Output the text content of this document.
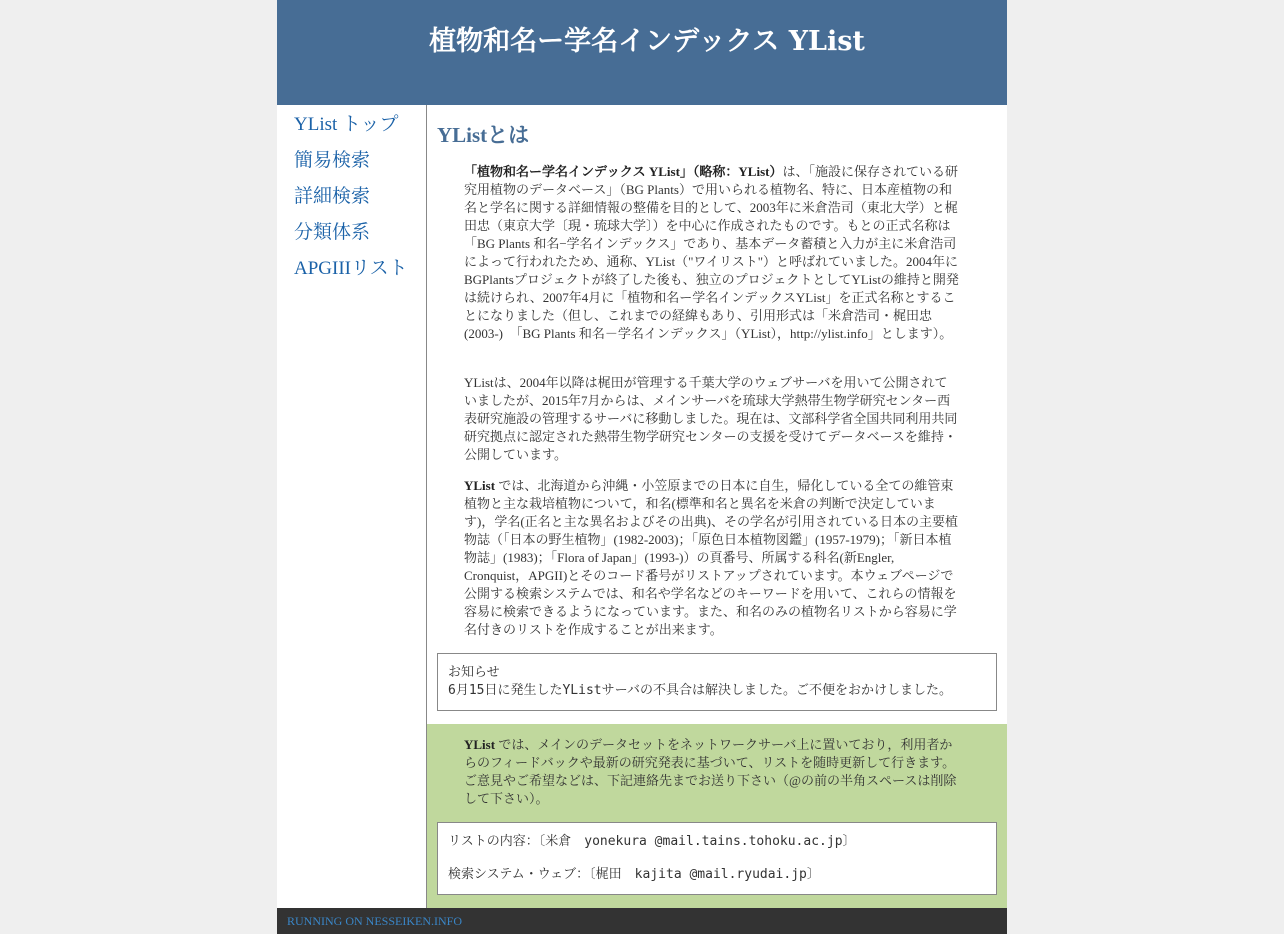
植物和名ー学名インデックス YList
YList トップ
簡易検索
詳細検索
分類体系
APGIIIリスト
YListとは

「植物和名ー学名インデックス YList」（略称：YList）は、「施設に保存されている研究用植物のデータベース」（BG Plants）で用いられる植物名、特に、日本産植物の和名と学名に関する詳細情報の整備を目的として、2003年に米倉浩司（東北大学）と梶田忠（東京大学〔現・琉球大学〕）を中心に作成されたものです。もとの正式名称は「BG Plants 和名−学名インデックス」であり、基本データ蓄積と入力が主に米倉浩司によって行われたため、通称、YList（"ワイリスト"）と呼ばれていました。2004年にBGPlantsプロジェクトが終了した後も、独立のプロジェクトとしてYListの維持と開発は続けられ、2007年4月に「植物和名ー学名インデックスYList」を正式名称とすることになりました（但し、これまでの経緯もあり、引用形式は「米倉浩司・梶田忠 (2003-)　「BG Plants 和名－学名インデックス」（YList），http://ylist.info」とします）。

YListは、2004年以降は梶田が管理する千葉大学のウェブサーバを用いて公開されていましたが、2015年7月からは、メインサーバを琉球大学熱帯生物学研究センター西表研究施設の管理するサーバに移動しました。現在は、文部科学省全国共同利用共同研究拠点に認定された熱帯生物学研究センターの支援を受けてデータベースを維持・公開しています。

YList では、北海道から沖縄・小笠原までの日本に自生，帰化している全ての維管束植物と主な栽培植物について，和名(標準和名と異名を米倉の判断で決定しています)，学名(正名と主な異名およびその出典)、その学名が引用されている日本の主要植物誌（「日本の野生植物」(1982-2003)；「原色日本植物図鑑」(1957-1979)；「新日本植物誌」(1983)；「Flora of Japan」(1993-)）の頁番号、所属する科名(新Engler, Cronquist，APGII)とそのコード番号がリストアップされています。本ウェブページで公開する検索システムでは、和名や学名などのキーワードを用いて、これらの情報を容易に検索できるようになっています。また、和名のみの植物名リストから容易に学名付きのリストを作成することが出来ます。

お知らせ
6月15日に発生したYListサーバの不具合は解決しました。ご不便をおかけしました。

YList では、メインのデータセットをネットワークサーバ上に置いており，利用者からのフィードバックや最新の研究発表に基づいて、リストを随時更新して行きます。ご意見やご希望などは、下記連絡先までお送り下さい（@の前の半角スペースは削除して下さい）。

リストの内容：〔米倉　yonekura @mail.tains.tohoku.ac.jp〕
検索システム・ウェブ：〔梶田　kajita @mail.ryudai.jp〕
RUNNING ON NESSEIKEN.INFO
